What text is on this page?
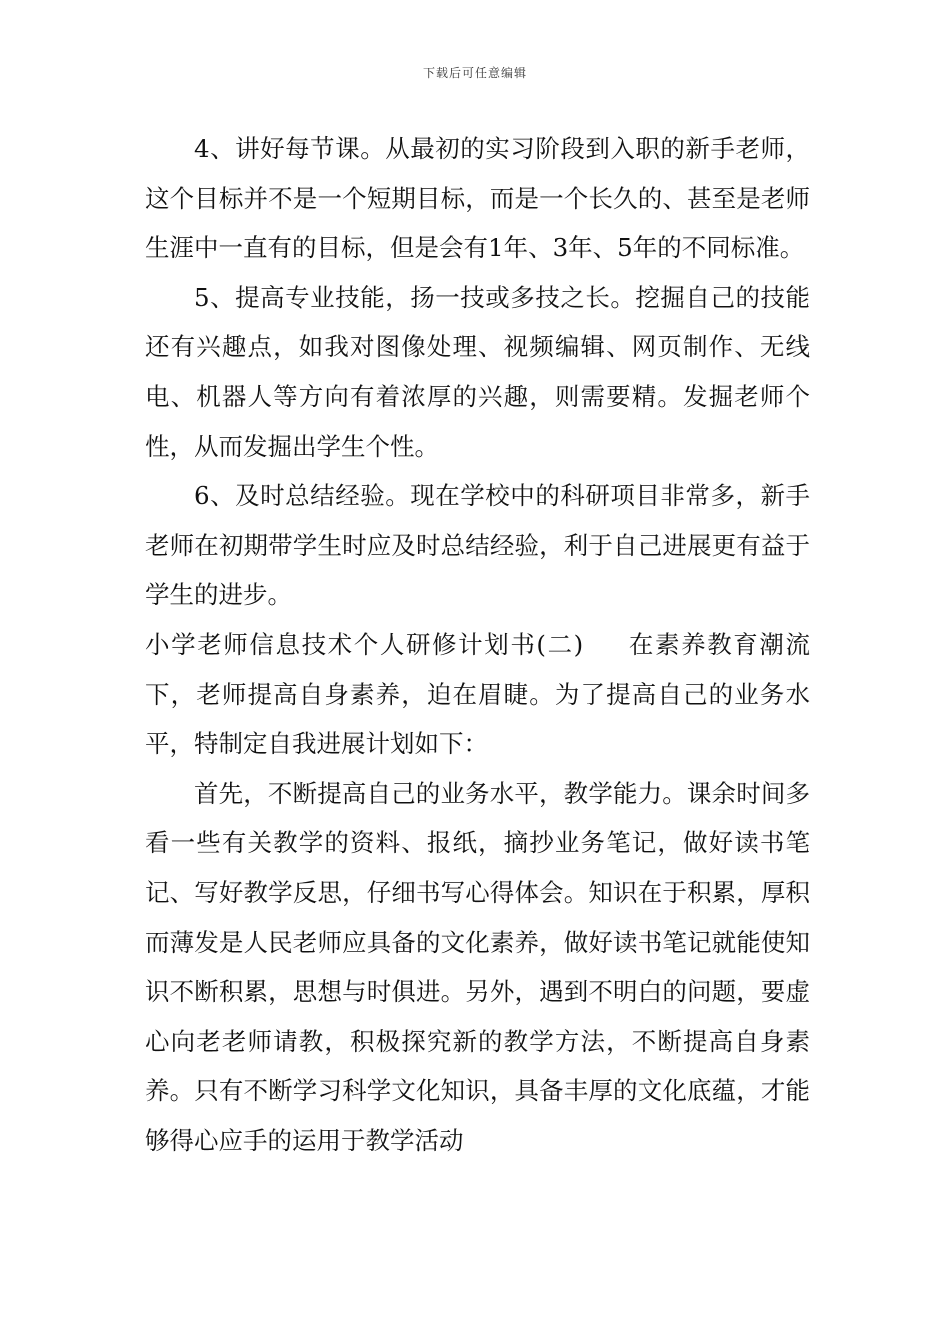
下载后可任意编辑

4、讲好每节课。从最初的实习阶段到入职的新手老师，这个目标并不是一个短期目标，而是一个长久的、甚至是老师生涯中一直有的目标，但是会有1年、3年、5年的不同标准。

5、提高专业技能，扬一技或多技之长。挖掘自己的技能还有兴趣点，如我对图像处理、视频编辑、网页制作、无线电、机器人等方向有着浓厚的兴趣，则需要精。发掘老师个性，从而发掘出学生个性。

6、及时总结经验。现在学校中的科研项目非常多，新手老师在初期带学生时应及时总结经验，利于自己进展更有益于学生的进步。

小学老师信息技术个人研修计划书(二) 在素养教育潮流下，老师提高自身素养，迫在眉睫。为了提高自己的业务水平，特制定自我进展计划如下：

首先，不断提高自己的业务水平，教学能力。课余时间多看一些有关教学的资料、报纸，摘抄业务笔记，做好读书笔记、写好教学反思，仔细书写心得体会。知识在于积累，厚积而薄发是人民老师应具备的文化素养，做好读书笔记就能使知识不断积累，思想与时俱进。另外，遇到不明白的问题，要虚心向老老师请教，积极探究新的教学方法，不断提高自身素养。只有不断学习科学文化知识，具备丰厚的文化底蕴，才能够得心应手的运用于教学活动
